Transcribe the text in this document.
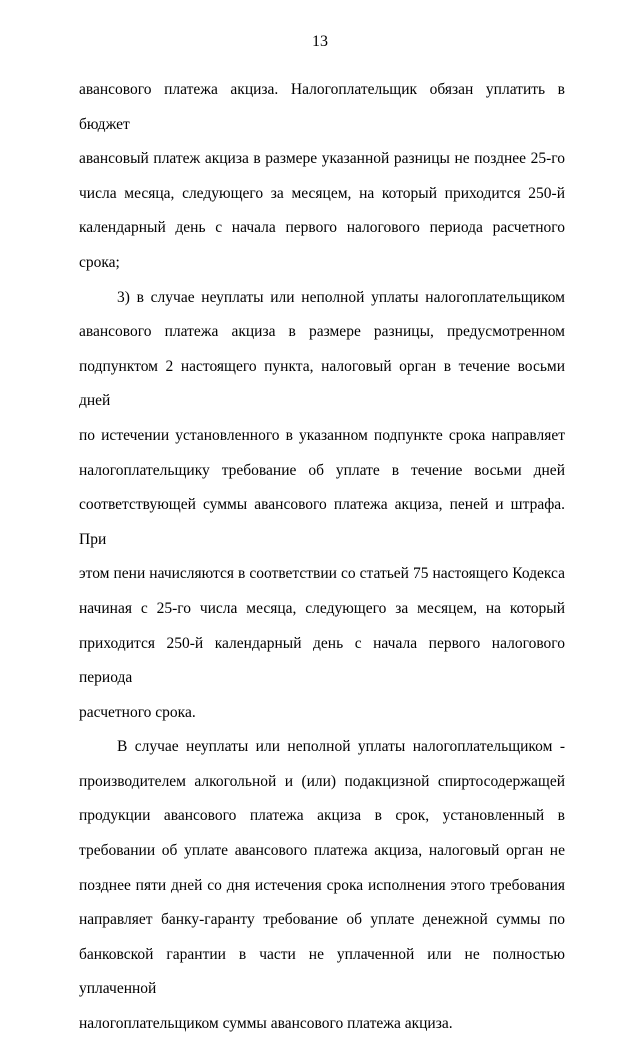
13

авансового платежа акциза. Налогоплательщик обязан уплатить в бюджет
авансовый платеж акциза в размере указанной разницы не позднее 25-го
числа месяца, следующего за месяцем, на который приходится 250-й
календарный день с начала первого налогового периода расчетного срока;

3) в случае неуплаты или неполной уплаты налогоплательщиком
авансового платежа акциза в размере разницы, предусмотренном
подпунктом 2 настоящего пункта, налоговый орган в течение восьми дней
по истечении установленного в указанном подпункте срока направляет
налогоплательщику требование об уплате в течение восьми дней
соответствующей суммы авансового платежа акциза, пеней и штрафа. При
этом пени начисляются в соответствии со статьей 75 настоящего Кодекса
начиная с 25-го числа месяца, следующего за месяцем, на который
приходится 250-й календарный день с начала первого налогового периода
расчетного срока.

В случае неуплаты или неполной уплаты налогоплательщиком -
производителем алкогольной и (или) подакцизной спиртосодержащей
продукции авансового платежа акциза в срок, установленный в
требовании об уплате авансового платежа акциза, налоговый орган не
позднее пяти дней со дня истечения срока исполнения этого требования
направляет банку-гаранту требование об уплате денежной суммы по
банковской гарантии в части не уплаченной или не полностью уплаченной
налогоплательщиком суммы авансового платежа акциза.
